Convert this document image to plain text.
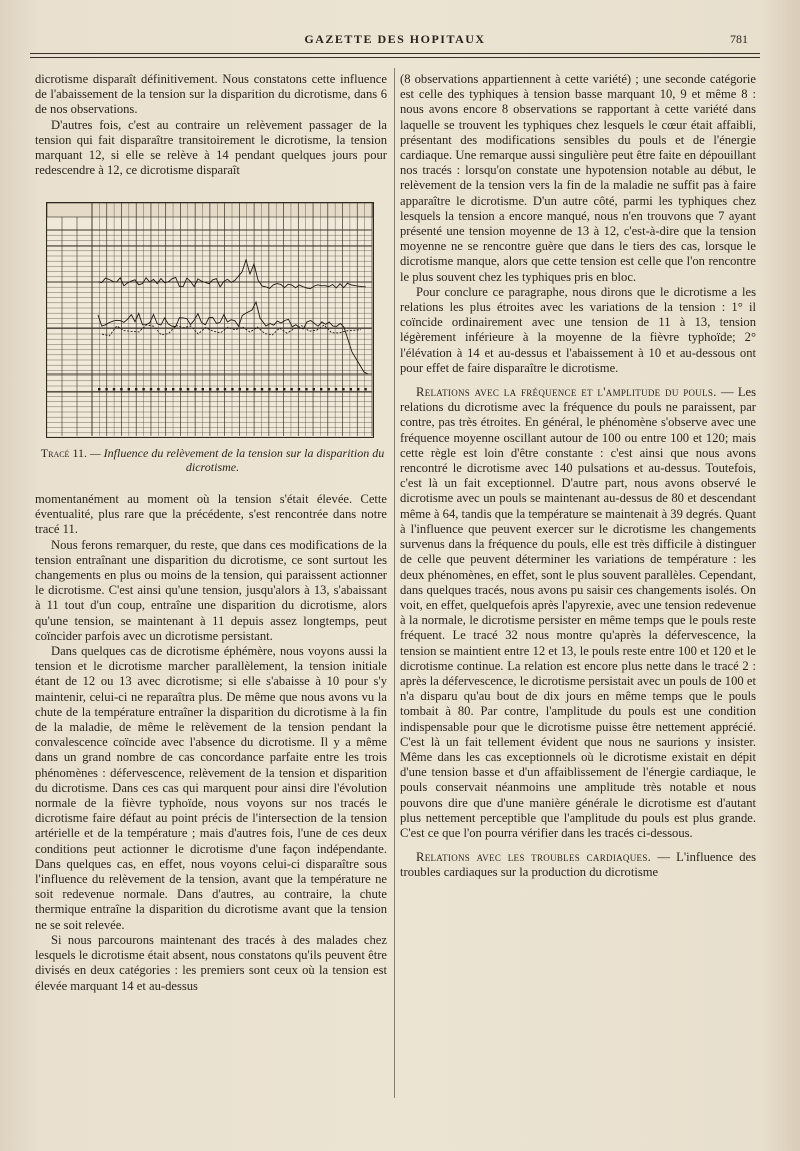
GAZETTE DES HOPITAUX	781

dicrotisme disparaît définitivement. Nous constatons cette influence de l'abaissement de la tension sur la disparition du dicrotisme, dans 6 de nos observations.

D'autres fois, c'est au contraire un relèvement passager de la tension qui fait disparaître transitoirement le dicrotisme, la tension marquant 12, si elle se relève à 14 pendant quelques jours pour redescendre à 12, ce dicrotisme disparaît

Tracé 11. — Influence du relèvement de la tension sur la disparition du dicrotisme.

momentanément au moment où la tension s'était élevée. Cette éventualité, plus rare que la précédente, s'est rencontrée dans notre tracé 11.

Nous ferons remarquer, du reste, que dans ces modifications de la tension entraînant une disparition du dicrotisme, ce sont surtout les changements en plus ou moins de la tension, qui paraissent actionner le dicrotisme. C'est ainsi qu'une tension, jusqu'alors à 13, s'abaissant à 11 tout d'un coup, entraîne une disparition du dicrotisme, alors qu'une tension, se maintenant à 11 depuis assez longtemps, peut coïncider parfois avec un dicrotisme persistant.

Dans quelques cas de dicrotisme éphémère, nous voyons aussi la tension et le dicrotisme marcher parallèlement, la tension initiale étant de 12 ou 13 avec dicrotisme; si elle s'abaisse à 10 pour s'y maintenir, celui-ci ne reparaîtra plus. De même que nous avons vu la chute de la température entraîner la disparition du dicrotisme à la fin de la maladie, de même le relèvement de la tension pendant la convalescence coïncide avec l'absence du dicrotisme. Il y a même dans un grand nombre de cas concordance parfaite entre les trois phénomènes : défervescence, relèvement de la tension et disparition du dicrotisme. Dans ces cas qui marquent pour ainsi dire l'évolution normale de la fièvre typhoïde, nous voyons sur nos tracés le dicrotisme faire défaut au point précis de l'intersection de la tension artérielle et de la température ; mais d'autres fois, l'une de ces deux conditions peut actionner le dicrotisme d'une façon indépendante. Dans quelques cas, en effet, nous voyons celui-ci disparaître sous l'influence du relèvement de la tension, avant que la température ne soit redevenue normale. Dans d'autres, au contraire, la chute thermique entraîne la disparition du dicrotisme avant que la tension ne se soit relevée.

Si nous parcourons maintenant des tracés à des malades chez lesquels le dicrotisme était absent, nous constatons qu'ils peuvent être divisés en deux catégories : les premiers sont ceux où la tension est élevée marquant 14 et au-dessus

(8 observations appartiennent à cette variété) ; une seconde catégorie est celle des typhiques à tension basse marquant 10, 9 et même 8 : nous avons encore 8 observations se rapportant à cette variété dans laquelle se trouvent les typhiques chez lesquels le cœur était affaibli, présentant des modifications sensibles du pouls et de l'énergie cardiaque. Une remarque aussi singulière peut être faite en dépouillant nos tracés : lorsqu'on constate une hypotension notable au début, le relèvement de la tension vers la fin de la maladie ne suffit pas à faire apparaître le dicrotisme. D'un autre côté, parmi les typhiques chez lesquels la tension a encore manqué, nous n'en trouvons que 7 ayant présenté une tension moyenne de 13 à 12, c'est-à-dire que la tension moyenne ne se rencontre guère que dans le tiers des cas, lorsque le dicrotisme manque, alors que cette tension est celle que l'on rencontre le plus souvent chez les typhiques pris en bloc.

Pour conclure ce paragraphe, nous dirons que le dicrotisme a les relations les plus étroites avec les variations de la tension : 1° il coïncide ordinairement avec une tension de 11 à 13, tension légèrement inférieure à la moyenne de la fièvre typhoïde; 2° l'élévation à 14 et au-dessus et l'abaissement à 10 et au-dessous ont pour effet de faire disparaître le dicrotisme.

Relations avec la fréquence et l'amplitude du pouls. — Les relations du dicrotisme avec la fréquence du pouls ne paraissent, par contre, pas très étroites. En général, le phénomène s'observe avec une fréquence moyenne oscillant autour de 100 ou entre 100 et 120; mais cette règle est loin d'être constante : c'est ainsi que nous avons rencontré le dicrotisme avec 140 pulsations et au-dessus. Toutefois, c'est là un fait exceptionnel. D'autre part, nous avons observé le dicrotisme avec un pouls se maintenant au-dessus de 80 et descendant même à 64, tandis que la température se maintenait à 39 degrés. Quant à l'influence que peuvent exercer sur le dicrotisme les changements survenus dans la fréquence du pouls, elle est très difficile à distinguer de celle que peuvent déterminer les variations de température : les deux phénomènes, en effet, sont le plus souvent parallèles. Cependant, dans quelques tracés, nous avons pu saisir ces changements isolés. On voit, en effet, quelquefois après l'apyrexie, avec une tension redevenue à la normale, le dicrotisme persister en même temps que le pouls reste fréquent. Le tracé 32 nous montre qu'après la défervescence, la tension se maintient entre 12 et 13, le pouls reste entre 100 et 120 et le dicrotisme continue. La relation est encore plus nette dans le tracé 2 : après la défervescence, le dicrotisme persistait avec un pouls de 100 et n'a disparu qu'au bout de dix jours en même temps que le pouls tombait à 80. Par contre, l'amplitude du pouls est une condition indispensable pour que le dicrotisme puisse être nettement apprécié. C'est là un fait tellement évident que nous ne saurions y insister. Même dans les cas exceptionnels où le dicrotisme existait en dépit d'une tension basse et d'un affaiblissement de l'énergie cardiaque, le pouls conservait néanmoins une amplitude très notable et nous pouvons dire que d'une manière générale le dicrotisme est d'autant plus nettement perceptible que l'amplitude du pouls est plus grande. C'est ce que l'on pourra vérifier dans les tracés ci-dessous.

Relations avec les troubles cardiaques. — L'influence des troubles cardiaques sur la production du dicrotisme
